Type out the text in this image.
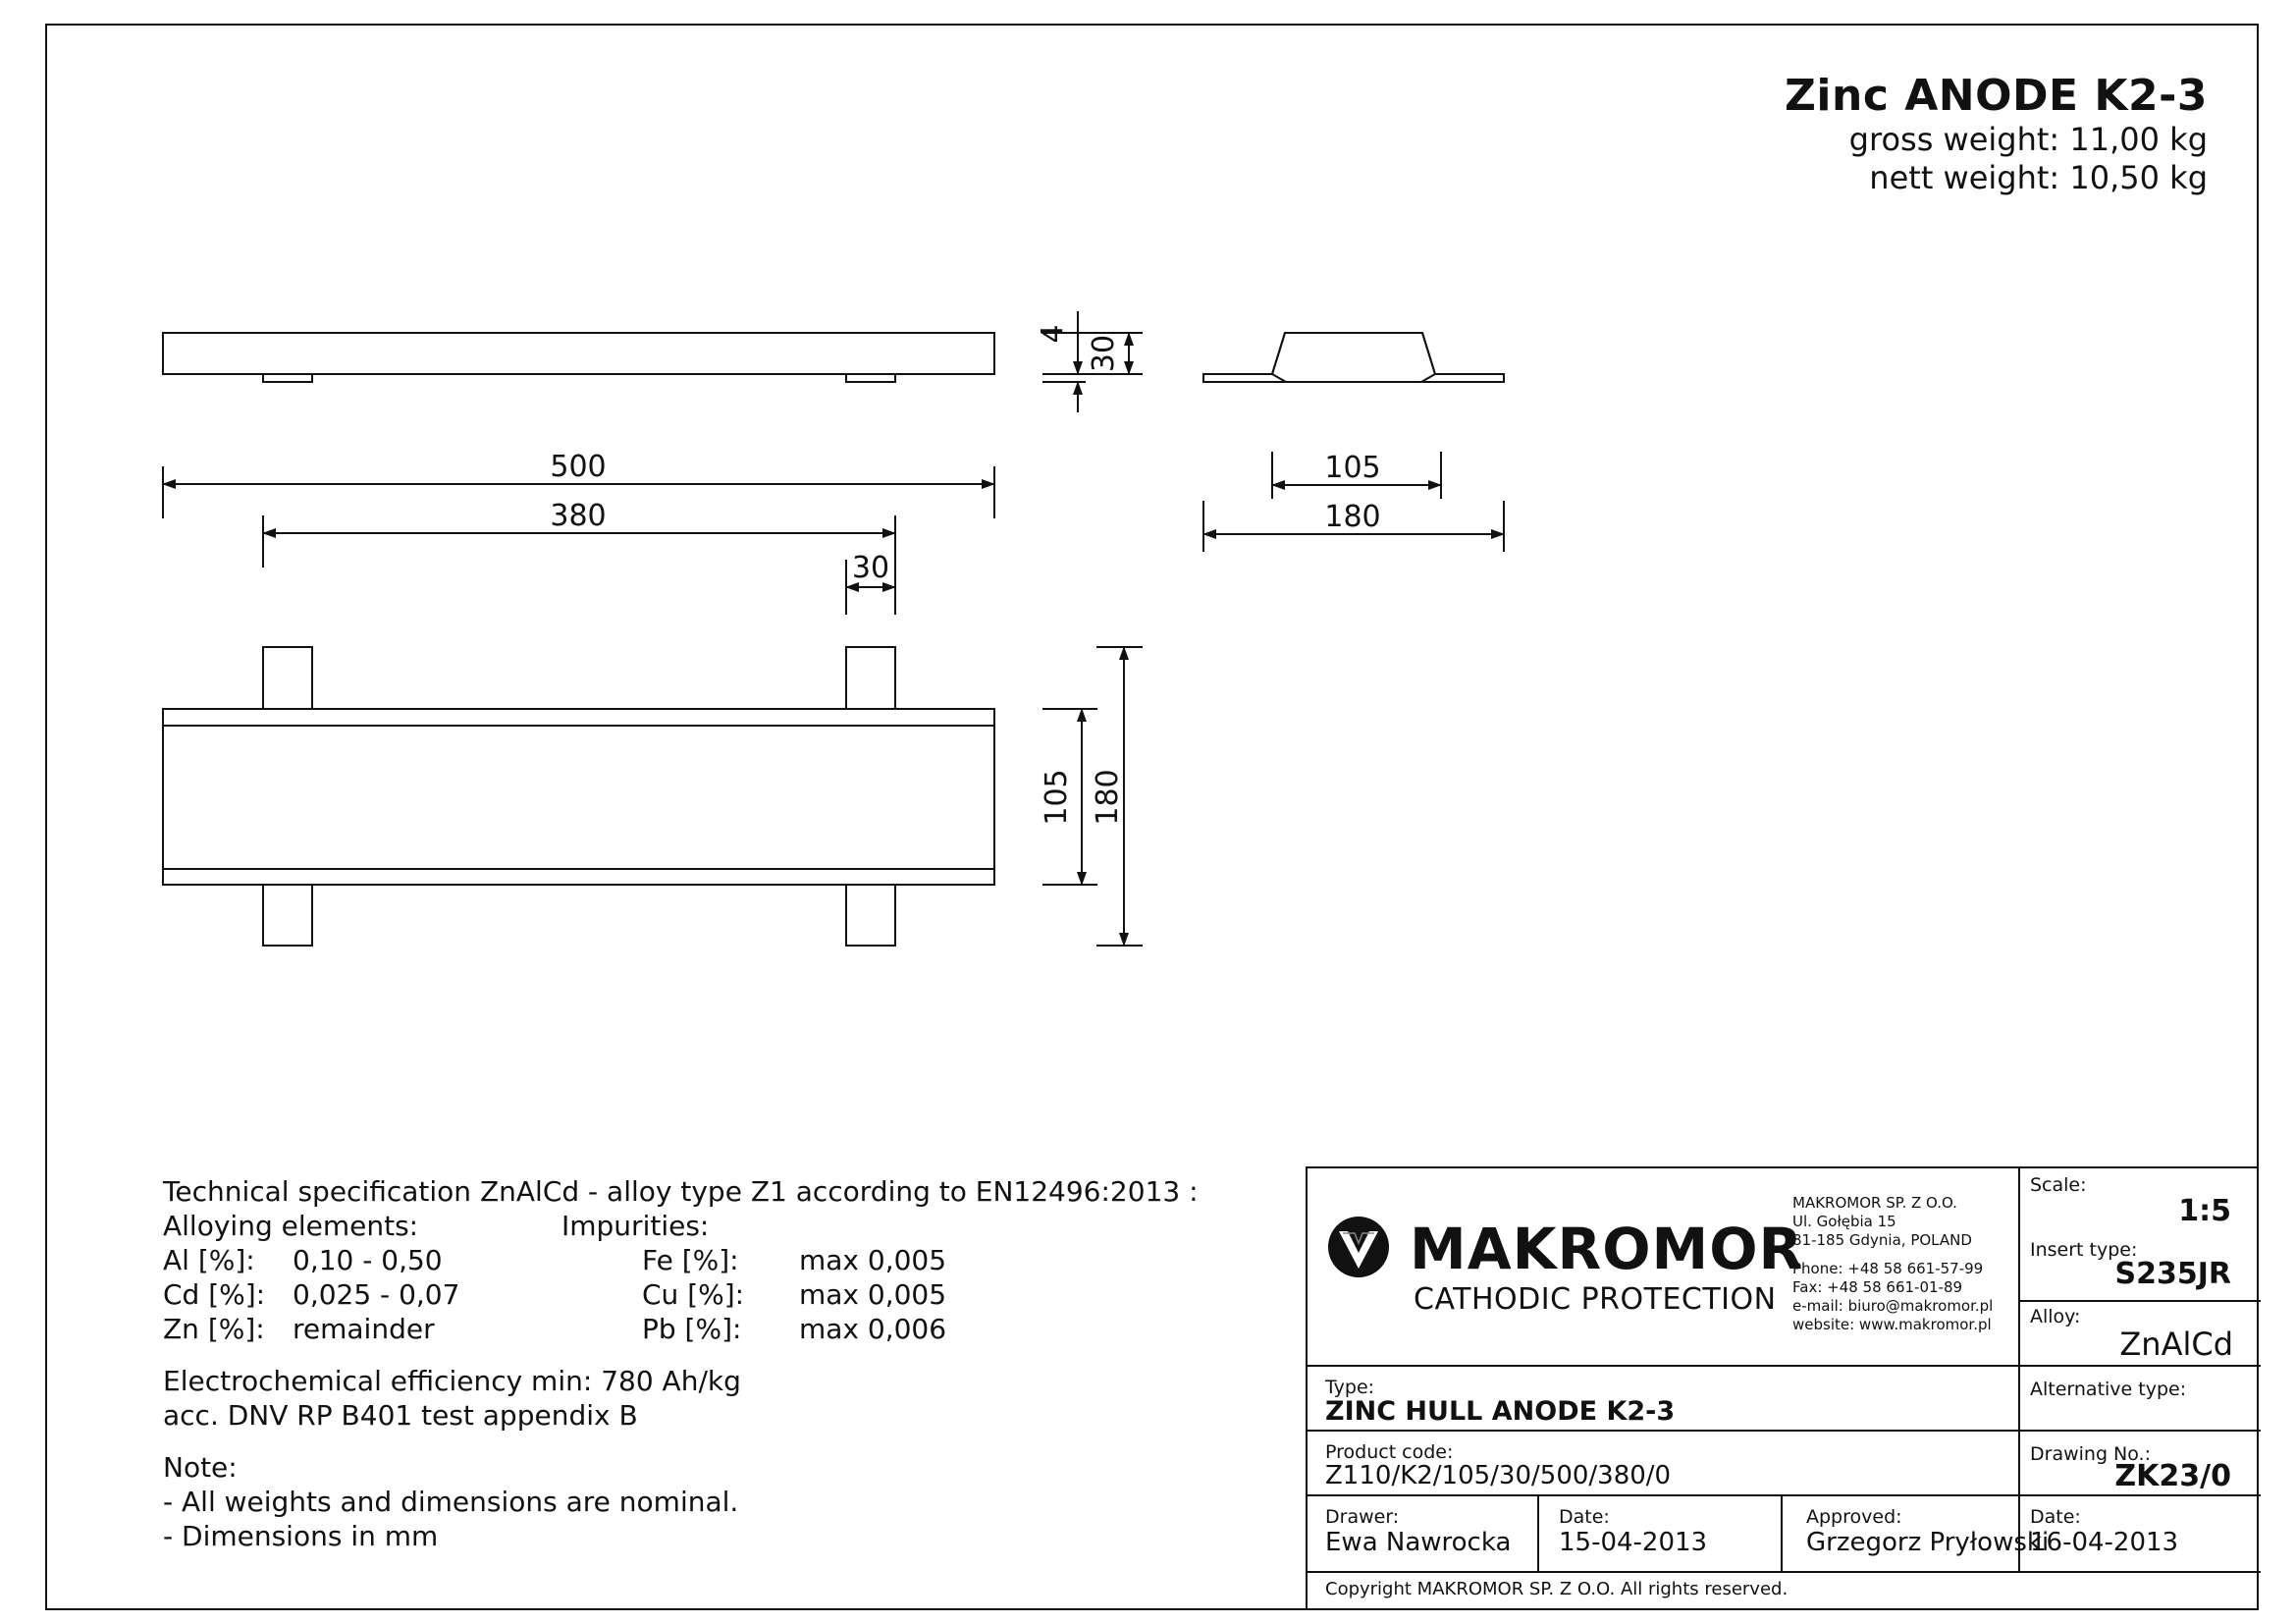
Zinc ANODE K2-3
gross weight: 11,00 kg
nett weight: 10,50 kg
4
30
500
380
30
105
180
105 180
Technical specification ZnAlCd - alloy type Z1 according to EN12496:2013 :
Alloying elements:	Impurities:
Al [%]: 0,10 - 0,50	Fe [%]: max 0,005
Cd [%]: 0,025 - 0,07	Cu [%]: max 0,005
Zn [%]: remainder	Pb [%]: max 0,006
Electrochemical efficiency min: 780 Ah/kg
acc. DNV RP B401 test appendix B
Note:
- All weights and dimensions are nominal.
- Dimensions in mm
MAKROMOR
CATHODIC PROTECTION
MAKROMOR SP. Z O.O.
Ul. Gołębia 15
81-185 Gdynia, POLAND
Phone: +48 58 661-57-99
Fax: +48 58 661-01-89
e-mail: biuro@makromor.pl
website: www.makromor.pl
Scale:
1:5
Insert type:
S235JR
Alloy:
ZnAlCd
Alternative type:
Drawing No.:
ZK23/0
Type:
ZINC HULL ANODE K2-3
Product code:
Z110/K2/105/30/500/380/0
Drawer:
Ewa Nawrocka
Date:
15-04-2013
Approved:
Grzegorz Pryłowski
Date:
16-04-2013
Copyright MAKROMOR SP. Z O.O. All rights reserved.
